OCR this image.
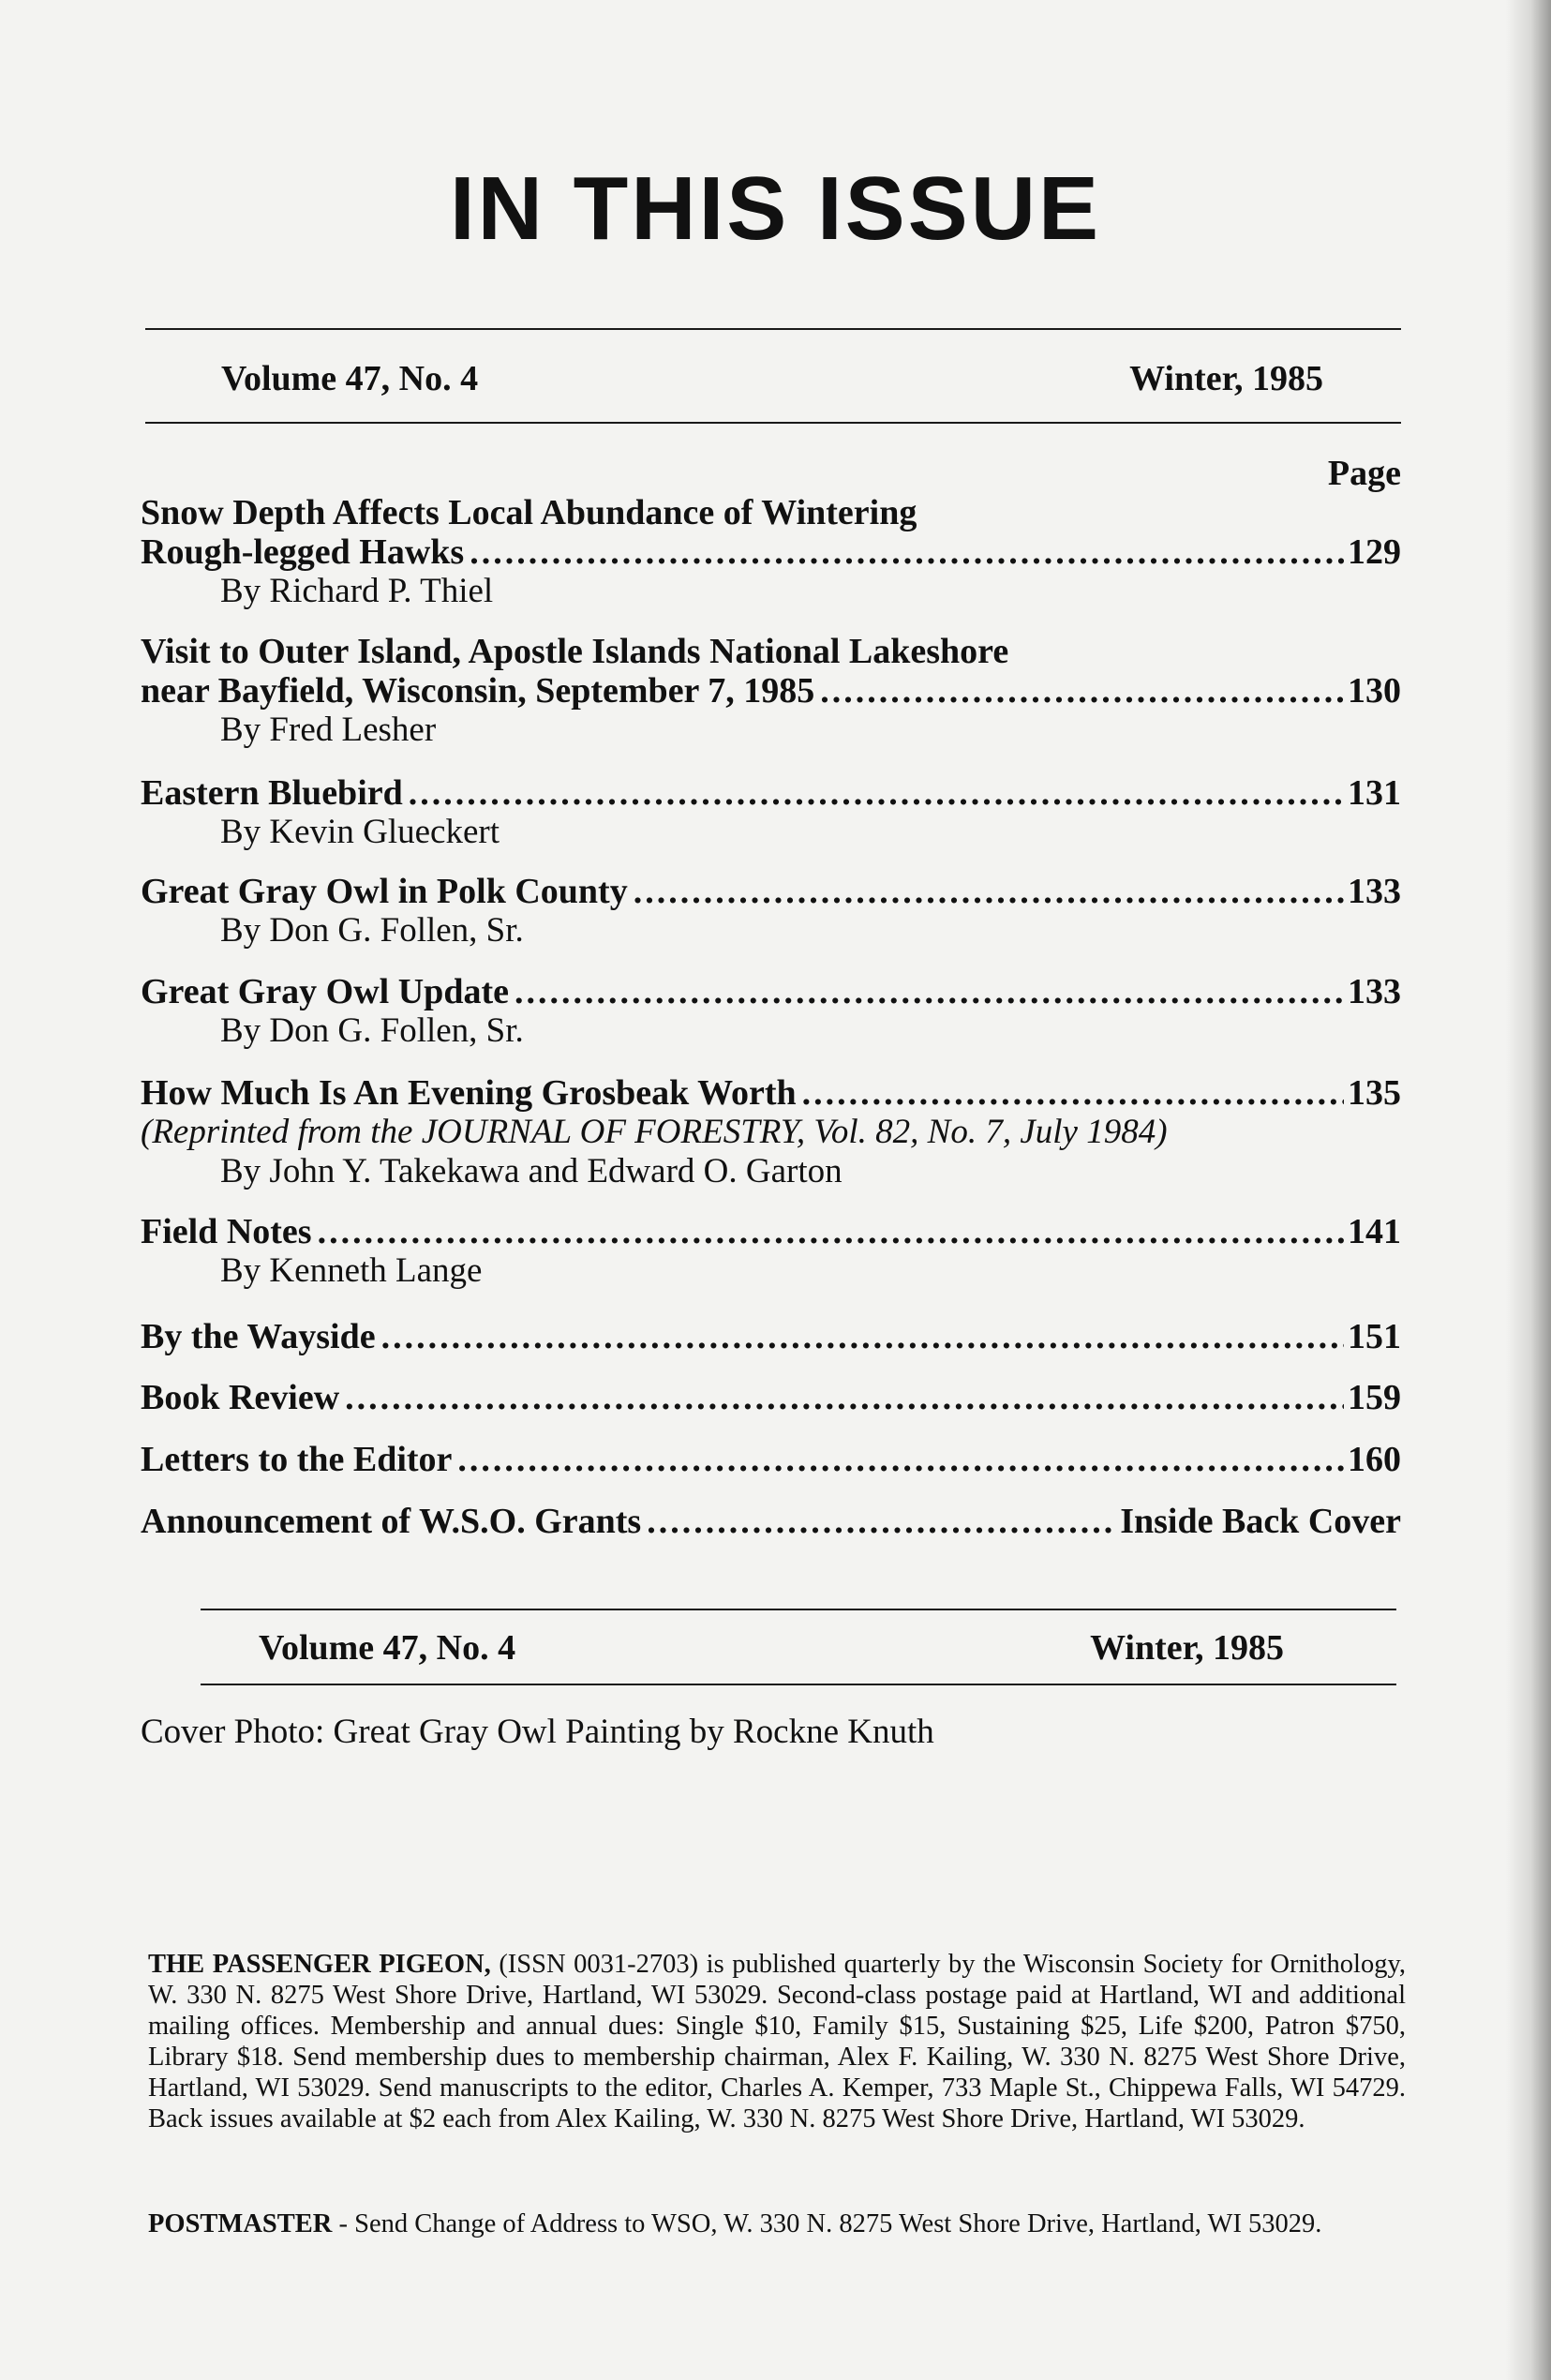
IN THIS ISSUE
Volume 47, No. 4	Winter, 1985
Page
Snow Depth Affects Local Abundance of Wintering
Rough-legged Hawks .....	129
By Richard P. Thiel
Visit to Outer Island, Apostle Islands National Lakeshore
near Bayfield, Wisconsin, September 7, 1985 .....	130
By Fred Lesher
Eastern Bluebird .....	131
By Kevin Glueckert
Great Gray Owl in Polk County .....	133
By Don G. Follen, Sr.
Great Gray Owl Update .....	133
By Don G. Follen, Sr.
How Much Is An Evening Grosbeak Worth .....	135
(Reprinted from the JOURNAL OF FORESTRY, Vol. 82, No. 7, July 1984)
By John Y. Takekawa and Edward O. Garton
Field Notes .....	141
By Kenneth Lange
By the Wayside .....	151
Book Review .....	159
Letters to the Editor .....	160
Announcement of W.S.O. Grants .....	Inside Back Cover
Volume 47, No. 4	Winter, 1985
Cover Photo: Great Gray Owl Painting by Rockne Knuth
THE PASSENGER PIGEON, (ISSN 0031-2703) is published quarterly by the Wisconsin Society for Ornithology, W. 330 N. 8275 West Shore Drive, Hartland, WI 53029. Second-class postage paid at Hartland, WI and additional mailing offices. Membership and annual dues: Single $10, Family $15, Sustaining $25, Life $200, Patron $750, Library $18. Send membership dues to membership chairman, Alex F. Kailing, W. 330 N. 8275 West Shore Drive, Hartland, WI 53029. Send manuscripts to the editor, Charles A. Kemper, 733 Maple St., Chippewa Falls, WI 54729. Back issues available at $2 each from Alex Kailing, W. 330 N. 8275 West Shore Drive, Hartland, WI 53029.
POSTMASTER - Send Change of Address to WSO, W. 330 N. 8275 West Shore Drive, Hartland, WI 53029.
